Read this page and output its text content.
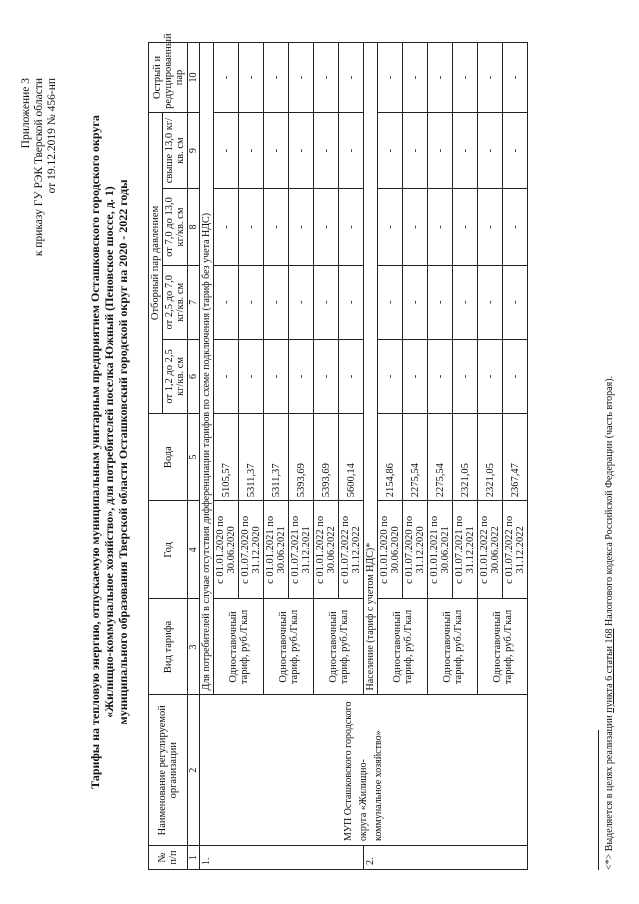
Приложение 3 к приказу ГУ РЭК Тверской области от 19.12.2019 № 456-нп	Тарифы на тепловую энергию, отпускаемую муниципальным унитарным предприятием Осташковского городского округа «Жилищно-коммунальное хозяйство», для потребителей поселка Южный (Пеновское шоссе, д. 1) муниципального образования Тверской области Осташковский городской округ на 2020 - 2022 годы
№ п/п	Наименование регулируемой организации	Вид тарифа	Год	Вода	Отборный пар давлением				Острый и редуцированный пар
					от 1,2 до 2,5 кг/кв. см	от 2,5 до 7,0 кг/кв. см	от 7,0 до 13,0 кг/кв. см	свыше 13,0 кг/кв. см	
1	2	3	4	5	6	7	8	9	10
1.	МУП Осташковского городского округа «Жилищно-коммунальное хозяйство»	Для потребителей в случае отсутствия дифференциации тарифов по схеме подключения (тариф без учета НДС)							
		Одноставочный тариф, руб./Гкал	с 01.01.2020 по 30.06.2020	5105,57	-	-	-	-	-
			с 01.07.2020 по 31.12.2020	5311,37	-	-	-	-	-
		Одноставочный тариф, руб./Гкал	с 01.01.2021 по 30.06.2021	5311,37	-	-	-	-	-
			с 01.07.2021 по 31.12.2021	5393,69	-	-	-	-	-
		Одноставочный тариф, руб./Гкал	с 01.01.2022 по 30.06.2022	5393,69	-	-	-	-	-
			с 01.07.2022 по 31.12.2022	5600,14	-	-	-	-	-
2.		Население (тариф с учетом НДС)*							
		Одноставочный тариф, руб./Гкал	с 01.01.2020 по 30.06.2020	2154,86	-	-	-	-	-
			с 01.07.2020 по 31.12.2020	2275,54	-	-	-	-	-
		Одноставочный тариф, руб./Гкал	с 01.01.2021 по 30.06.2021	2275,54	-	-	-	-	-
			с 01.07.2021 по 31.12.2021	2321,05	-	-	-	-	-
		Одноставочный тариф, руб./Гкал	с 01.01.2022 по 30.06.2022	2321,05	-	-	-	-	-
			с 01.07.2022 по 31.12.2022	2367,47	-	-	-	-	-
<*> Выделяется в целях реализации пункта 6 статьи 168 Налогового кодекса Российской Федерации (часть вторая).
